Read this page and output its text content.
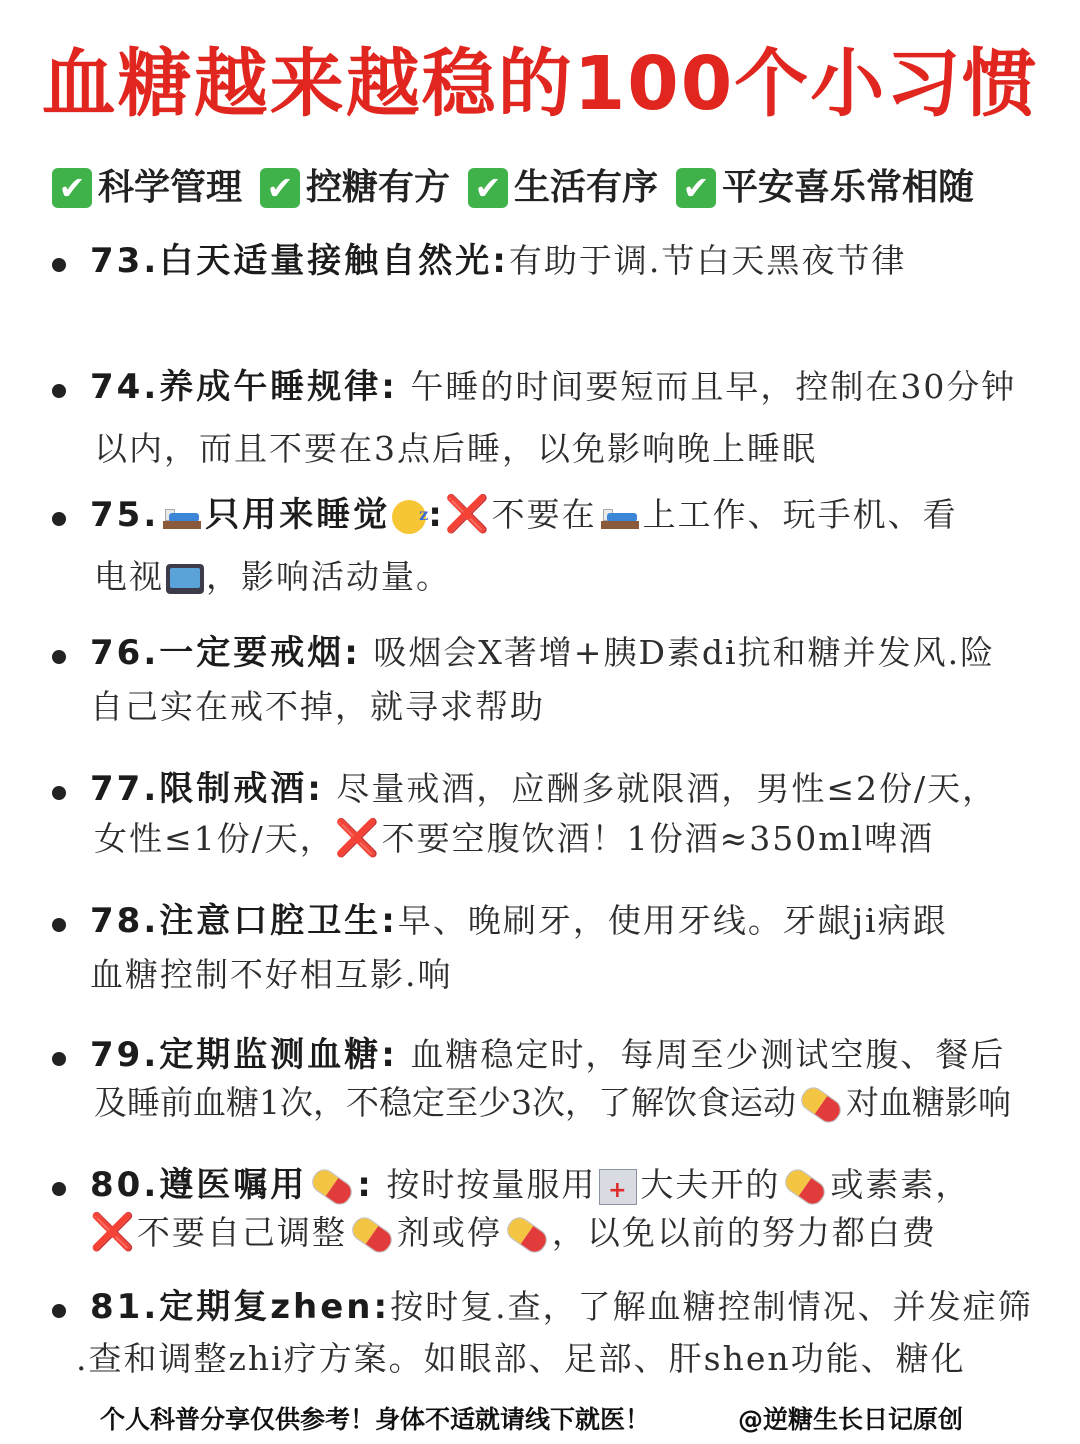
血糖越来越稳的100个小习惯
✔ 科学管理 ✔ 控糖有方 ✔ 生活有序 ✔ 平安喜乐常相随
73.白天适量接触自然光:有助于调.节白天黑夜节律
74.养成午睡规律: 午睡的时间要短而且早，控制在30分钟
以内，而且不要在3点后睡，以免影响晚上睡眠
75. 只用来睡觉 z :❌不要在 上工作、玩手机、看
电视 ，影响活动量。
76.一定要戒烟: 吸烟会X著增+胰D素di抗和糖并发风.险
自己实在戒不掉，就寻求帮助
77.限制戒酒: 尽量戒酒，应酬多就限酒，男性≤2份/天，
女性≤1份/天，❌不要空腹饮酒！1份酒≈350ml啤酒
78.注意口腔卫生:早、晚刷牙，使用牙线。牙龈ji病跟
血糖控制不好相互影.响
79.定期监测血糖: 血糖稳定时，每周至少测试空腹、餐后
及睡前血糖1次，不稳定至少3次，了解饮食运动 对血糖影响
80.遵医嘱用 : 按时按量服用 + 大夫开的 或素素，
❌不要自己调整 剂或停 ，以免以前的努力都白费
81.定期复zhen:按时复.查，了解血糖控制情况、并发症筛
.查和调整zhi疗方案。如眼部、足部、肝shen功能、糖化
个人科普分享仅供参考！身体不适就请线下就医！	@逆糖生长日记原创
